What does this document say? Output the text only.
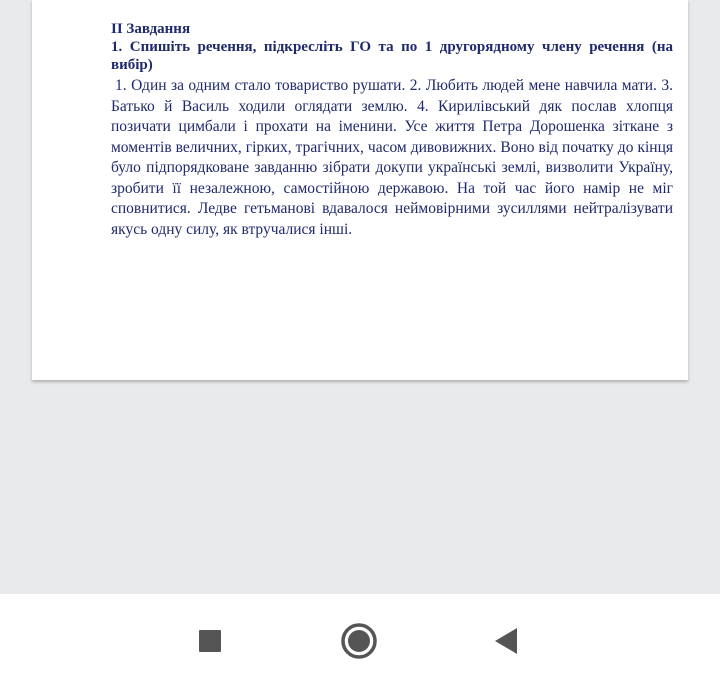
II Завдання

1. Спишіть речення, підкресліть ГО та по 1 другорядному члену речення (на вибір)

1. Один за одним стало товариство рушати. 2. Любить людей мене навчила мати. 3. Батько й Василь ходили оглядати землю. 4. Кирилівський дяк послав хлопця позичати цимбали і прохати на іменини. Усе життя Петра Дорошенка зіткане з моментів величних, гірких, трагічних, часом дивовижних. Воно від початку до кінця було підпорядковане завданню зібрати докупи українські землі, визволити Україну, зробити її незалежною, самостійною державою. На той час його намір не міг сповнитися. Ледве гетьманові вдавалося неймовірними зусиллями нейтралізувати якусь одну силу, як втручалися інші.
